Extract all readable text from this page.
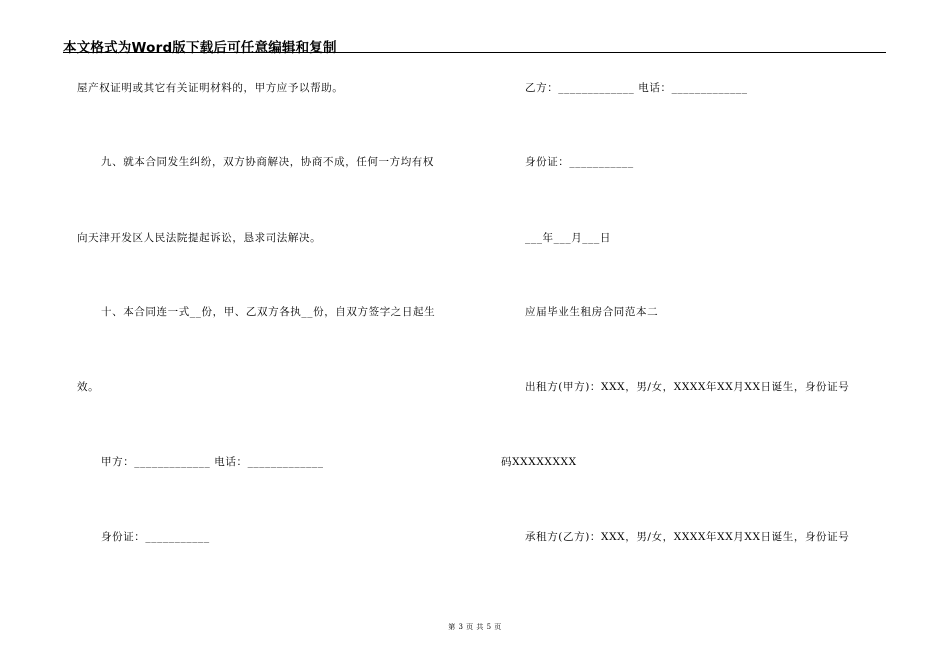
本文格式为Word版下载后可任意编辑和复制
屋产权证明或其它有关证明材料的，甲方应予以帮助。
九、就本合同发生纠纷，双方协商解决，协商不成，任何一方均有权
向天津开发区人民法院提起诉讼，恳求司法解决。
十、本合同连一式__份，甲、乙双方各执__份，自双方签字之日起生
效。
甲方：_____________ 电话：_____________
身份证：___________
乙方：_____________ 电话：_____________
身份证：___________
___年___月___日
应届毕业生租房合同范本二
出租方(甲方)：XXX，男/女，XXXX年XX月XX日诞生，身份证号
码XXXXXXXX
承租方(乙方)：XXX，男/女，XXXX年XX月XX日诞生，身份证号
第 3 页 共 5 页
